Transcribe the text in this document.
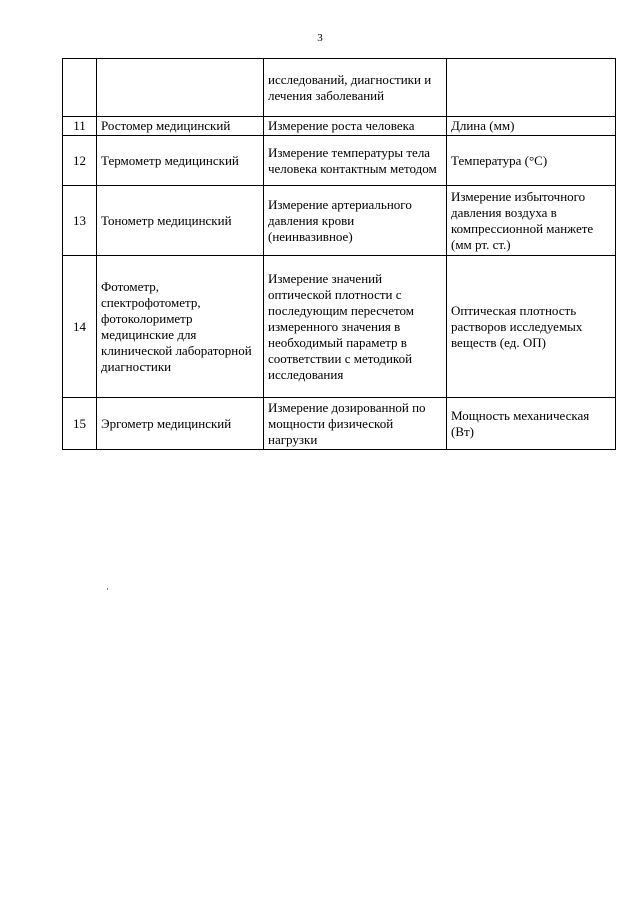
3
		исследований, диагностики и лечения заболеваний	
11	Ростомер медицинский	Измерение роста человека	Длина (мм)
12	Термометр медицинский	Измерение температуры тела человека контактным методом	Температура (°С)
13	Тонометр медицинский	Измерение артериального давления крови (неинвазивное)	Измерение избыточного давления воздуха в компрессионной манжете (мм рт. ст.)
14	Фотометр, спектрофотометр, фотоколориметр медицинские для клинической лабораторной диагностики	Измерение значений оптической плотности с последующим пересчетом измеренного значения в необходимый параметр в соответствии с методикой исследования	Оптическая плотность растворов исследуемых веществ (ед. ОП)
15	Эргометр медицинский	Измерение дозированной по мощности физической нагрузки	Мощность механическая (Вт)
